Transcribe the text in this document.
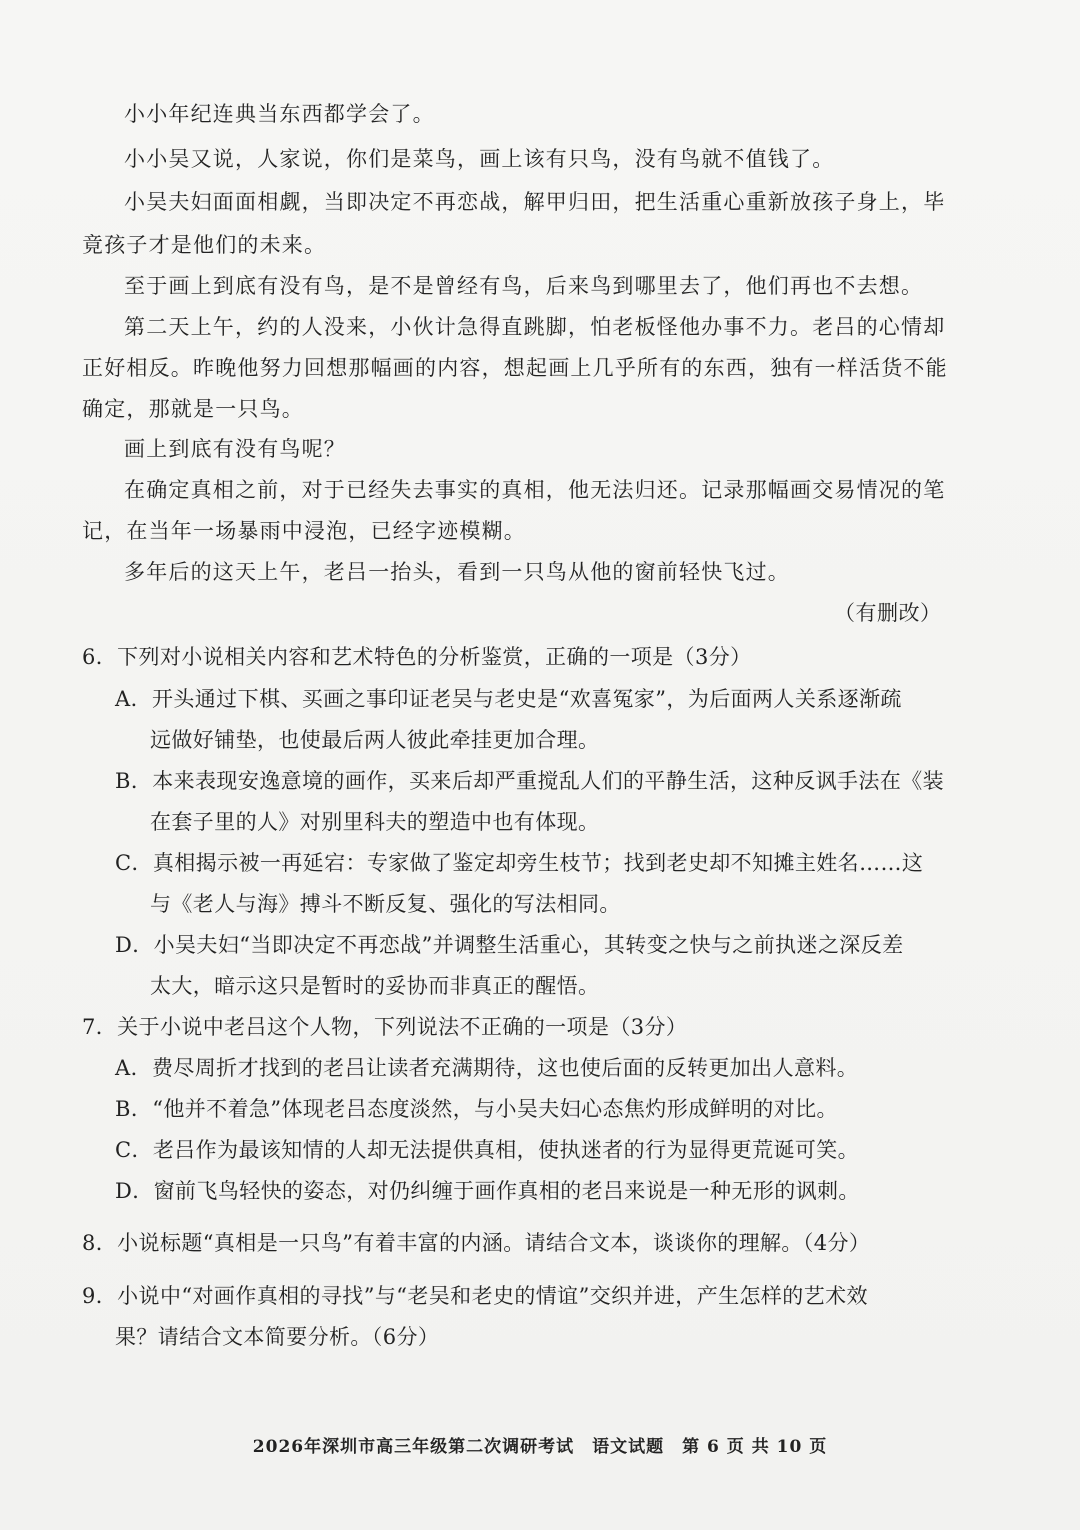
小小年纪连典当东西都学会了。
小小吴又说，人家说，你们是菜鸟，画上该有只鸟，没有鸟就不值钱了。
小吴夫妇面面相觑，当即决定不再恋战，解甲归田，把生活重心重新放孩子身上，毕
竟孩子才是他们的未来。
至于画上到底有没有鸟，是不是曾经有鸟，后来鸟到哪里去了，他们再也不去想。
第二天上午，约的人没来，小伙计急得直跳脚，怕老板怪他办事不力。老吕的心情却
正好相反。昨晚他努力回想那幅画的内容，想起画上几乎所有的东西，独有一样活货不能
确定，那就是一只鸟。
画上到底有没有鸟呢？
在确定真相之前，对于已经失去事实的真相，他无法归还。记录那幅画交易情况的笔
记，在当年一场暴雨中浸泡，已经字迹模糊。
多年后的这天上午，老吕一抬头，看到一只鸟从他的窗前轻快飞过。
（有删改）
6．下列对小说相关内容和艺术特色的分析鉴赏，正确的一项是（3分）
A．开头通过下棋、买画之事印证老吴与老史是“欢喜冤家”，为后面两人关系逐渐疏
远做好铺垫，也使最后两人彼此牵挂更加合理。
B．本来表现安逸意境的画作，买来后却严重搅乱人们的平静生活，这种反讽手法在《装
在套子里的人》对别里科夫的塑造中也有体现。
C．真相揭示被一再延宕：专家做了鉴定却旁生枝节；找到老史却不知摊主姓名……这
与《老人与海》搏斗不断反复、强化的写法相同。
D．小吴夫妇“当即决定不再恋战”并调整生活重心，其转变之快与之前执迷之深反差
太大，暗示这只是暂时的妥协而非真正的醒悟。
7．关于小说中老吕这个人物，下列说法不正确的一项是（3分）
A．费尽周折才找到的老吕让读者充满期待，这也使后面的反转更加出人意料。
B．“他并不着急”体现老吕态度淡然，与小吴夫妇心态焦灼形成鲜明的对比。
C．老吕作为最该知情的人却无法提供真相，使执迷者的行为显得更荒诞可笑。
D．窗前飞鸟轻快的姿态，对仍纠缠于画作真相的老吕来说是一种无形的讽刺。
8．小说标题“真相是一只鸟”有着丰富的内涵。请结合文本，谈谈你的理解。（4分）
9．小说中“对画作真相的寻找”与“老吴和老史的情谊”交织并进，产生怎样的艺术效
果？请结合文本简要分析。（6分）
2026年深圳市高三年级第二次调研考试　语文试题　第 6 页 共 10 页
